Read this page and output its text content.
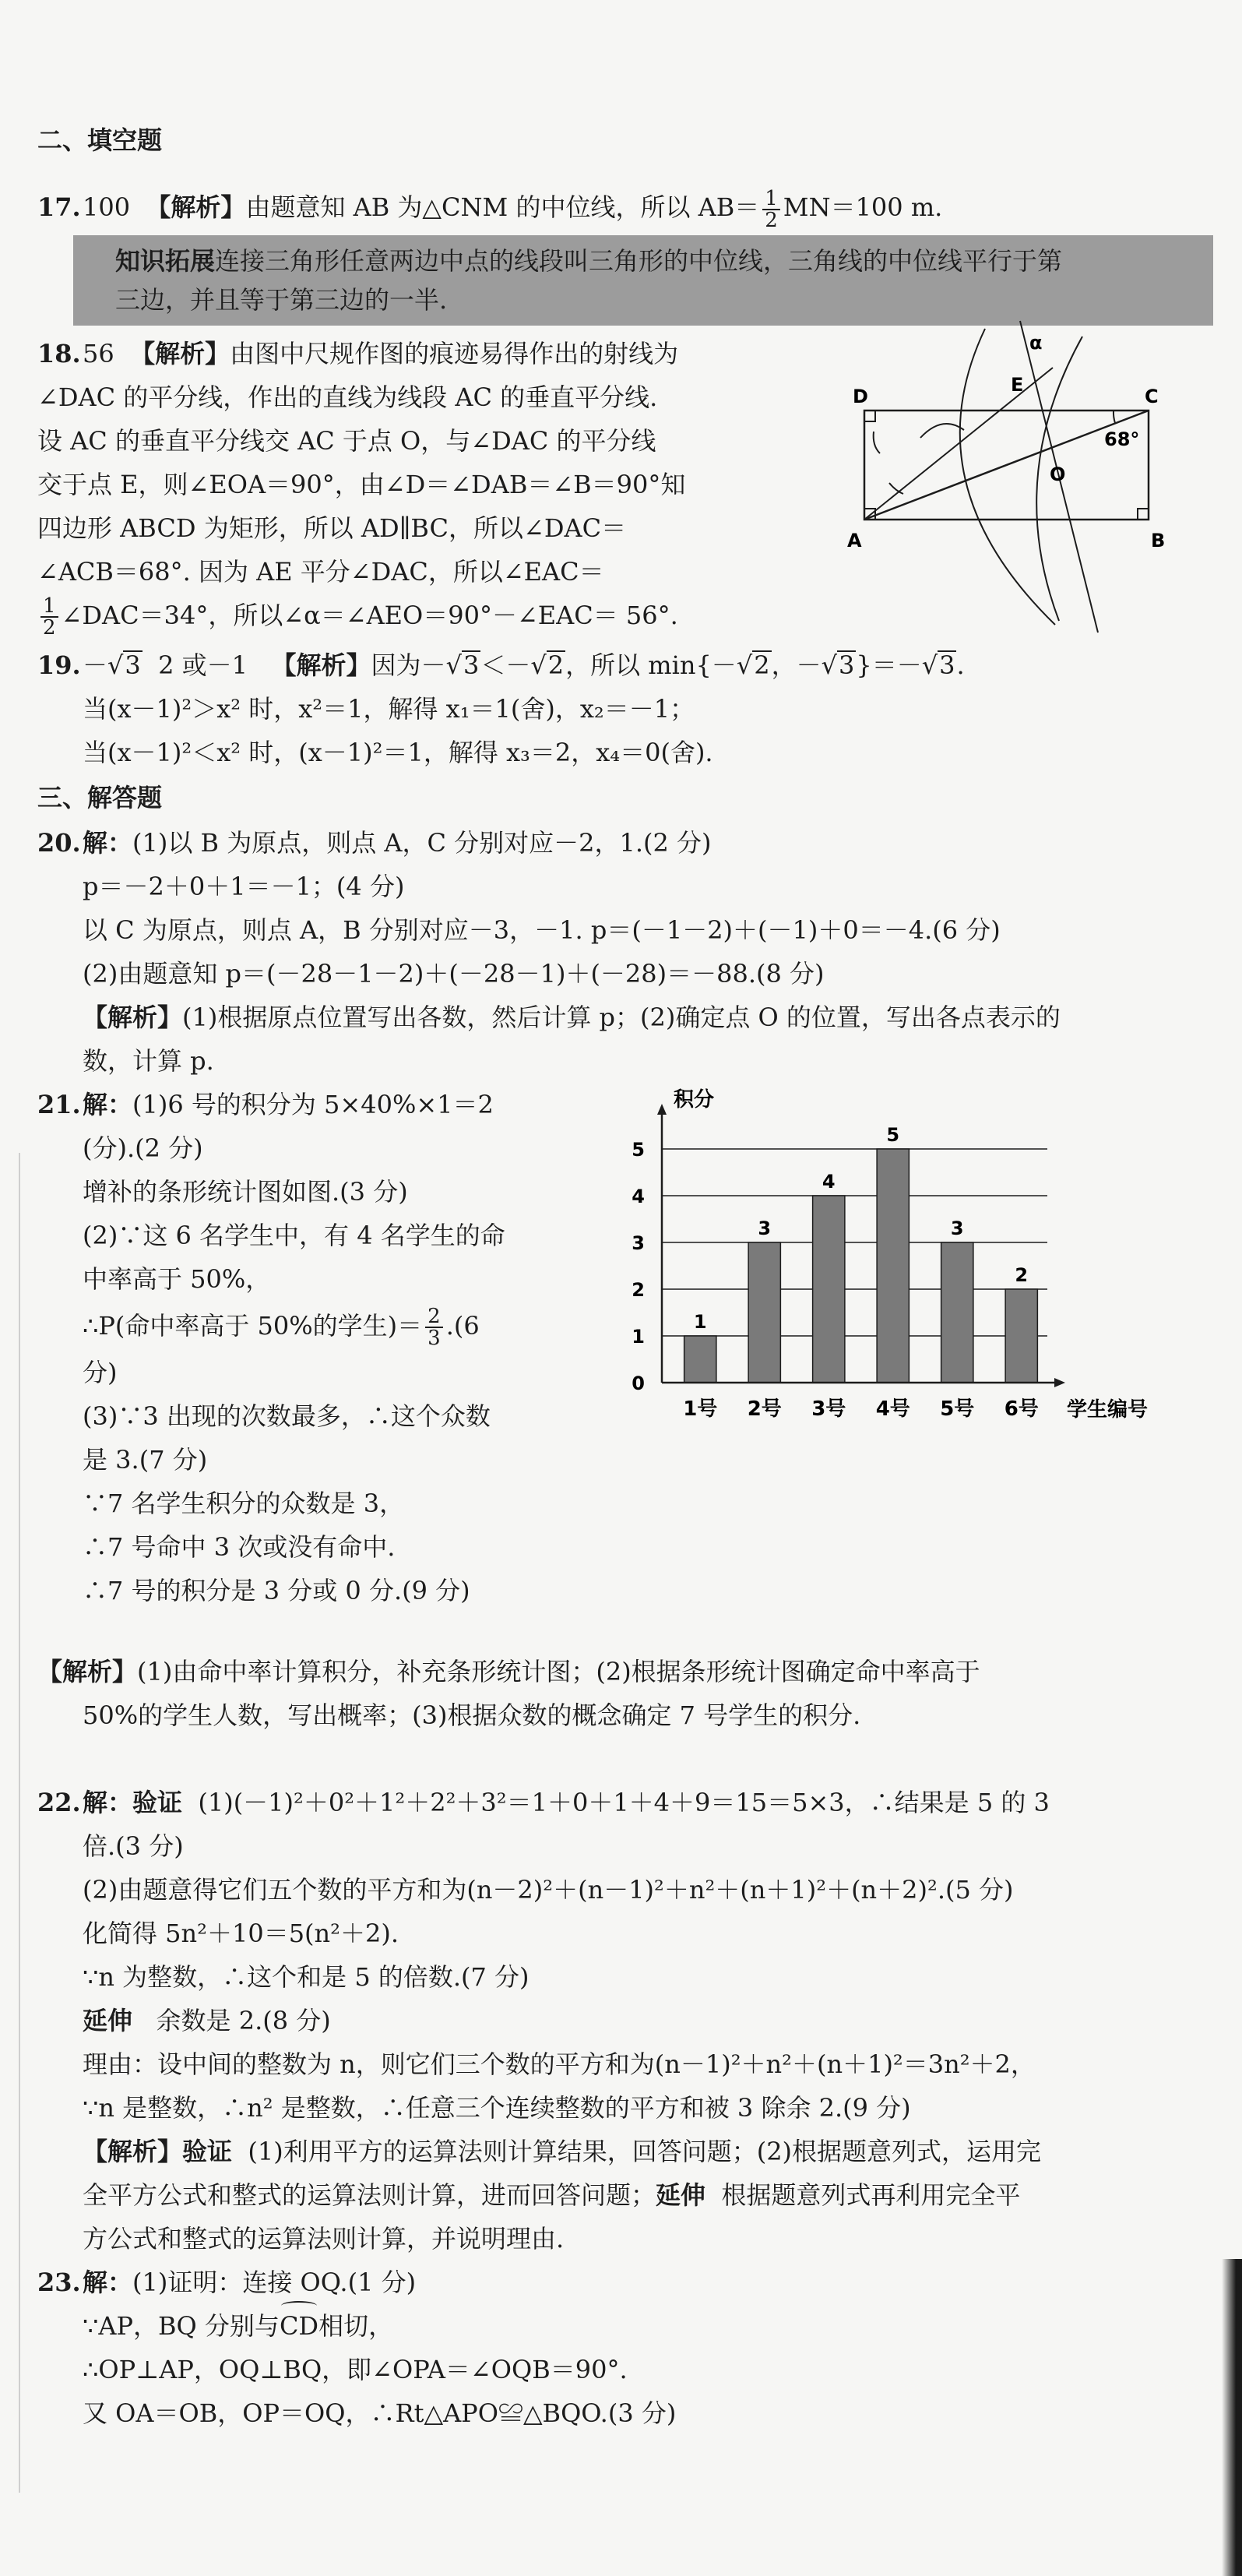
二、填空题
17.100 【解析】由题意知 AB 为△CNM 的中位线，所以 $AB= \frac{1}{2} MN=100$ m.
知识拓展连接三角形任意两边中点的线段叫三角形的中位线，三角线的中位线平行于第
三边，并且等于第三边的一半.
18.56 【解析】由图中尺规作图的痕迹易得作出的射线为
∠DAC 的平分线，作出的直线为线段 AC 的垂直平分线.
设 AC 的垂直平分线交 AC 于点 O，与∠DAC 的平分线
交于点 E，则∠EOA＝90°，由∠D＝∠DAB＝∠B＝90°知
四边形 ABCD 为矩形，所以 AD∥BC，所以∠DAC＝
∠ACB＝68°. 因为 AE 平分∠DAC，所以∠EAC＝
$\frac{1}{2}$ ∠DAC＝34°，所以∠α＝∠AEO＝90°－∠EAC＝ 56°.
A	B
C
D
E
O
α
68°
19.－√3  2 或－1   【解析】因为－√3＜－√2，所以 min{－√2，－√3}＝－√3.
当(x－1)²＞x² 时，x²＝1，解得 x₁＝1(舍)，x₂＝－1；
当(x－1)²＜x² 时，(x－1)²＝1，解得 x₃＝2，x₄＝0(舍).
三、解答题
20.解：(1)以 B 为原点，则点 A，C 分别对应－2，1.(2 分)
p＝－2＋0＋1＝－1；(4 分)
以 C 为原点，则点 A，B 分别对应－3，－1. p＝(－1－2)＋(－1)＋0＝－4.(6 分)
(2)由题意知 p＝(－28－1－2)＋(－28－1)＋(－28)＝－88.(8 分)
【解析】(1)根据原点位置写出各数，然后计算 p；(2)确定点 O 的位置，写出各点表示的
数，计算 p.
21.解：(1)6 号的积分为 5×40%×1＝2
(分).(2 分)
增补的条形统计图如图.(3 分)
(2)∵这 6 名学生中，有 4 名学生的命
中率高于 50%，
∴P(命中率高于 50%的学生)＝ $\frac{2}{3} .(6$
分)
(3)∵3 出现的次数最多，∴这个众数
是 3.(7 分)
∵7 名学生积分的众数是 3，
∴7 号命中 3 次或没有命中.
∴7 号的积分是 3 分或 0 分.(9 分)
0
1
2
3
4
5
1
1号
3
2号
4
3号
5
4号
3
5号
2
6号
积分
学生编号
【解析】(1)由命中率计算积分，补充条形统计图；(2)根据条形统计图确定命中率高于
50%的学生人数，写出概率；(3)根据众数的概念确定 7 号学生的积分.
22.解：验证  (1)(－1)²＋0²＋1²＋2²＋3²＝1＋0＋1＋4＋9＝15＝5×3，∴结果是 5 的 3
倍.(3 分)
(2)由题意得它们五个数的平方和为(n－2)²＋(n－1)²＋n²＋(n＋1)²＋(n＋2)².(5 分)
化简得 5n²＋10＝5(n²＋2).
∵n 为整数，∴这个和是 5 的倍数.(7 分)
延伸   余数是 2.(8 分)
理由：设中间的整数为 n，则它们三个数的平方和为(n－1)²＋n²＋(n＋1)²＝3n²＋2，
∵n 是整数，∴n² 是整数，∴任意三个连续整数的平方和被 3 除余 2.(9 分)
【解析】验证  (1)利用平方的运算法则计算结果，回答问题；(2)根据题意列式，运用完
全平方公式和整式的运算法则计算，进而回答问题；延伸  根据题意列式再利用完全平
方公式和整式的运算法则计算，并说明理由.
23.解：(1)证明：连接 OQ.(1 分)
∵AP，BQ 分别与CD相切，
∴OP⊥AP，OQ⊥BQ，即∠OPA＝∠OQB＝90°.
又 OA＝OB，OP＝OQ，∴Rt△APO≌△BQO.(3 分)
